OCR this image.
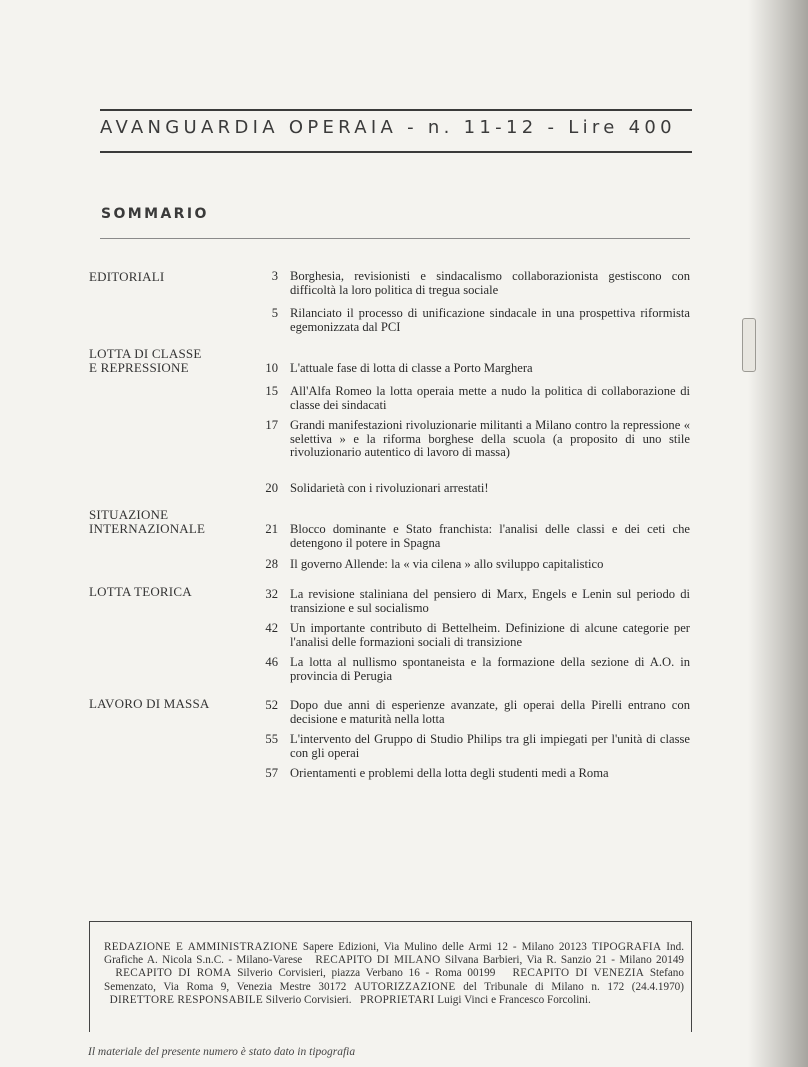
AVANGUARDIA OPERAIA - n. 11-12 - Lire 400
SOMMARIO
EDITORIALI
LOTTA DI CLASSE
E REPRESSIONE
SITUAZIONE
INTERNAZIONALE
LOTTA TEORICA
LAVORO DI MASSA
3 Borghesia, revisionisti e sindacalismo collaborazionista gestiscono con difficoltà la loro politica di tregua sociale
5 Rilanciato il processo di unificazione sindacale in una prospettiva riformista egemonizzata dal PCI
10 L'attuale fase di lotta di classe a Porto Marghera
15 All'Alfa Romeo la lotta operaia mette a nudo la politica di collaborazione di classe dei sindacati
17 Grandi manifestazioni rivoluzionarie militanti a Milano contro la repressione « selettiva » e la riforma borghese della scuola (a proposito di uno stile rivoluzionario autentico di lavoro di massa)
20 Solidarietà con i rivoluzionari arrestati!
21 Blocco dominante e Stato franchista: l'analisi delle classi e dei ceti che detengono il potere in Spagna
28 Il governo Allende: la « via cilena » allo sviluppo capitalistico
32 La revisione staliniana del pensiero di Marx, Engels e Lenin sul periodo di transizione e sul socialismo
42 Un importante contributo di Bettelheim. Definizione di alcune categorie per l'analisi delle formazioni sociali di transizione
46 La lotta al nullismo spontaneista e la formazione della sezione di A.O. in provincia di Perugia
52 Dopo due anni di esperienze avanzate, gli operai della Pirelli entrano con decisione e maturità nella lotta
55 L'intervento del Gruppo di Studio Philips tra gli impiegati per l'unità di classe con gli operai
57 Orientamenti e problemi della lotta degli studenti medi a Roma
REDAZIONE E AMMINISTRAZIONE Sapere Edizioni, Via Mulino delle Armi 12 - Milano 20123 TIPOGRAFIA Ind. Grafiche A. Nicola S.n.C. - Milano-Varese RECAPITO DI MILANO Silvana Barbieri, Via R. Sanzio 21 - Milano 20149   RECAPITO DI ROMA Silverio Corvisieri, piazza Verbano 16 - Roma 00199 RECAPITO DI VENEZIA Stefano Semenzato, Via Roma 9, Venezia Mestre 30172 AUTORIZZAZIONE del Tribunale di Milano n. 172 (24.4.1970)   DIRETTORE RESPONSABILE Silverio Corvisieri. PROPRIETARI Luigi Vinci e Francesco Forcolini.
Il materiale del presente numero è stato dato in tipografia
